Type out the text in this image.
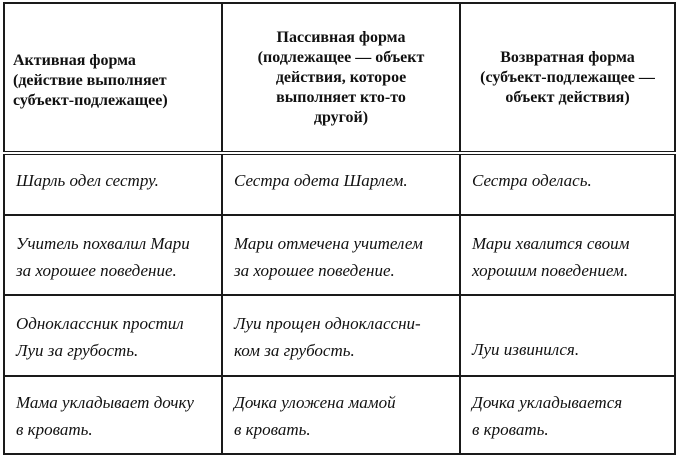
Активная форма
(действие выполняет
субъект-подлежащее)	Пассивная форма
(подлежащее — объект
действия, которое
выполняет кто-то
другой)	Возвратная форма
(субъект-подлежащее —
объект действия)

Шарль одел сестру.	Сестра одета Шарлем.	Сестра оделась.

Учитель похвалил Мари
за хорошее поведение.	Мари отмечена учителем
за хорошее поведение.	Мари хвалится своим
хорошим поведением.

Одноклассник простил
Луи за грубость.	Луи прощен одноклассни-
ком за грубость.	Луи извинился.

Мама укладывает дочку
в кровать.	Дочка уложена мамой
в кровать.	Дочка укладывается
в кровать.
